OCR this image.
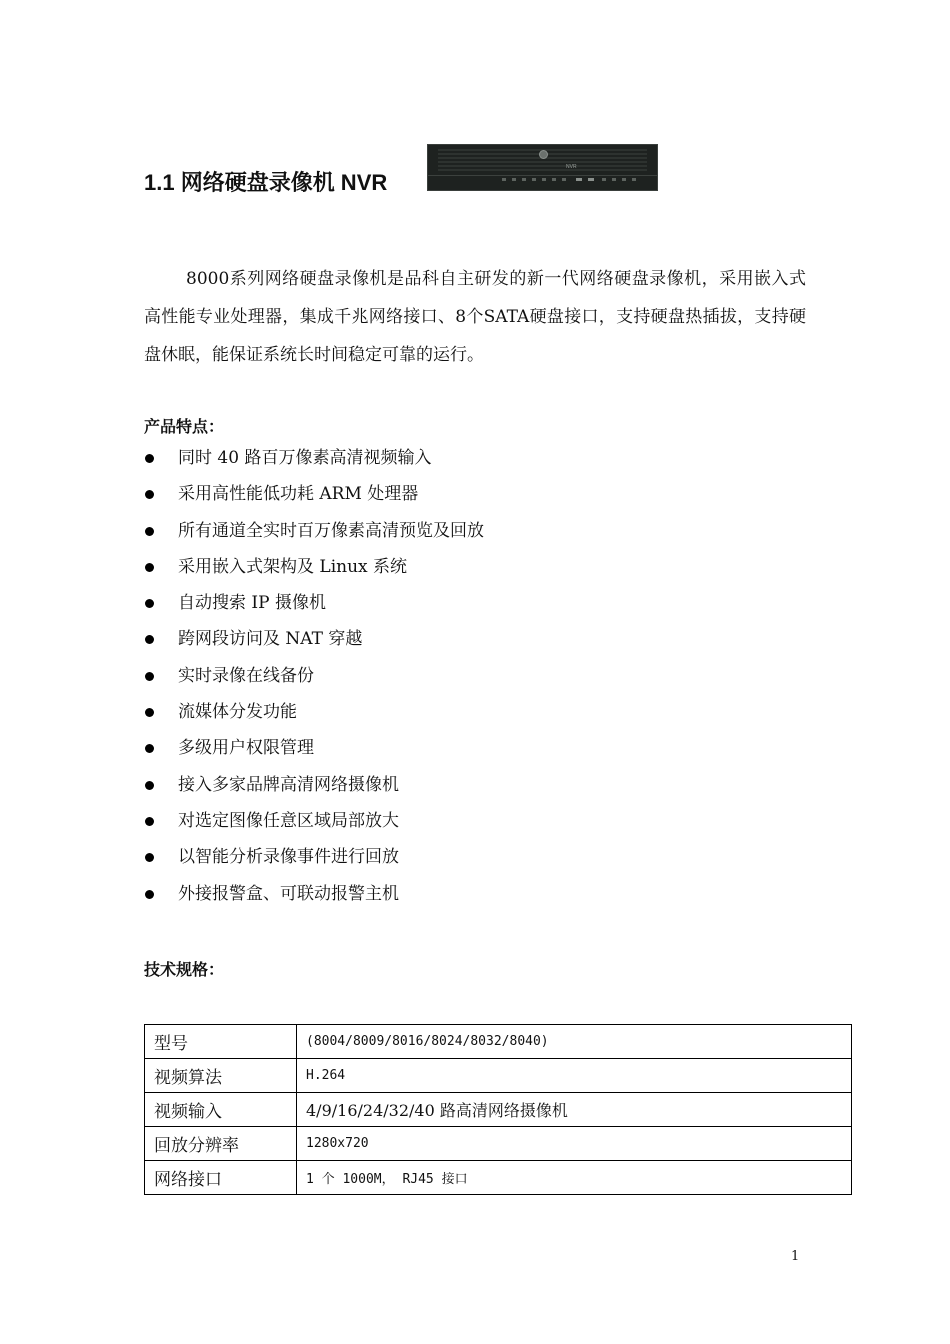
1.1 网络硬盘录像机 NVR
NVR
8000系列网络硬盘录像机是品科自主研发的新一代网络硬盘录像机，采用嵌入式高性能专业处理器，集成千兆网络接口、8个SATA硬盘接口，支持硬盘热插拔，支持硬盘休眠，能保证系统长时间稳定可靠的运行。
产品特点：
同时 40 路百万像素高清视频输入
采用高性能低功耗 ARM 处理器
所有通道全实时百万像素高清预览及回放
采用嵌入式架构及 Linux 系统
自动搜索 IP 摄像机
跨网段访问及 NAT 穿越
实时录像在线备份
流媒体分发功能
多级用户权限管理
接入多家品牌高清网络摄像机
对选定图像任意区域局部放大
以智能分析录像事件进行回放
外接报警盒、可联动报警主机
技术规格：
型号	(8004/8009/8016/8024/8032/8040)
视频算法	H.264
视频输入	4/9/16/24/32/40 路高清网络摄像机
回放分辨率	1280x720
网络接口	1 个 1000M， RJ45 接口
1
